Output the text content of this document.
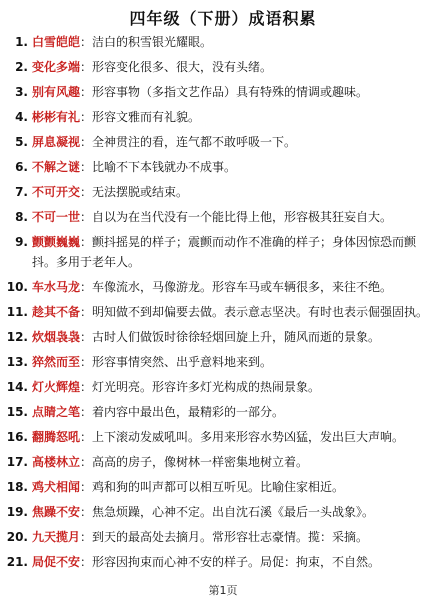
四年级（下册）成语积累
1. 白雪皑皑：洁白的积雪银光耀眼。
2. 变化多端：形容变化很多、很大，没有头绪。
3. 别有风趣：形容事物（多指文艺作品）具有特殊的情调或趣味。
4. 彬彬有礼：形容文雅而有礼貌。
5. 屏息凝视：全神贯注的看，连气都不敢呼吸一下。
6. 不解之谜：比喻不下本钱就办不成事。
7. 不可开交：无法摆脱或结束。
8. 不可一世：自以为在当代没有一个能比得上他，形容极其狂妄自大。
9. 颤颤巍巍：颤抖摇晃的样子；震颤而动作不准确的样子；身体因惊恐而颤抖。多用于老年人。
10. 车水马龙：车像流水，马像游龙。形容车马或车辆很多，来往不绝。
11. 趁其不备：明知做不到却偏要去做。表示意志坚决。有时也表示倔强固执。
12. 炊烟袅袅：古时人们做饭时徐徐轻烟回旋上升，随风而逝的景象。
13. 猝然而至：形容事情突然、出乎意料地来到。
14. 灯火辉煌：灯光明亮。形容许多灯光构成的热闹景象。
15. 点睛之笔：着内容中最出色，最精彩的一部分。
16. 翻腾怒吼：上下滚动发威吼叫。多用来形容水势凶猛，发出巨大声响。
17. 高楼林立：高高的房子，像树林一样密集地树立着。
18. 鸡犬相闻：鸡和狗的叫声都可以相互听见。比喻住家相近。
19. 焦躁不安：焦急烦躁，心神不定。出自沈石溪《最后一头战象》。
20. 九天揽月：到天的最高处去摘月。常形容壮志豪情。揽：采摘。
21. 局促不安：形容因拘束而心神不安的样子。局促：拘束，不自然。
第1页
